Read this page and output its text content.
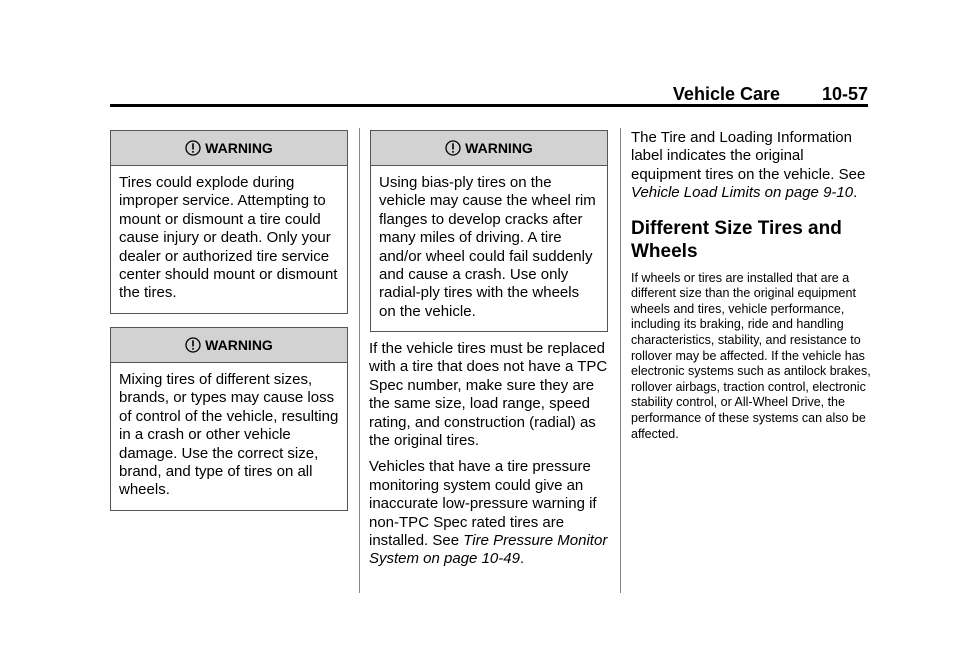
Vehicle Care 10-57
WARNING
Tires could explode during improper service. Attempting to mount or dismount a tire could cause injury or death. Only your dealer or authorized tire service center should mount or dismount the tires.
WARNING
Mixing tires of different sizes, brands, or types may cause loss of control of the vehicle, resulting in a crash or other vehicle damage. Use the correct size, brand, and type of tires on all wheels.
WARNING
Using bias-ply tires on the vehicle may cause the wheel rim flanges to develop cracks after many miles of driving. A tire and/or wheel could fail suddenly and cause a crash. Use only radial-ply tires with the wheels on the vehicle.

If the vehicle tires must be replaced with a tire that does not have a TPC Spec number, make sure they are the same size, load range, speed rating, and construction (radial) as the original tires.

Vehicles that have a tire pressure monitoring system could give an inaccurate low-pressure warning if non-TPC Spec rated tires are installed. See Tire Pressure Monitor System on page 10-49.

The Tire and Loading Information label indicates the original equipment tires on the vehicle. See Vehicle Load Limits on page 9-10.

Different Size Tires and Wheels
If wheels or tires are installed that are a different size than the original equipment wheels and tires, vehicle performance, including its braking, ride and handling characteristics, stability, and resistance to rollover may be affected. If the vehicle has electronic systems such as antilock brakes, rollover airbags, traction control, electronic stability control, or All-Wheel Drive, the performance of these systems can also be affected.
